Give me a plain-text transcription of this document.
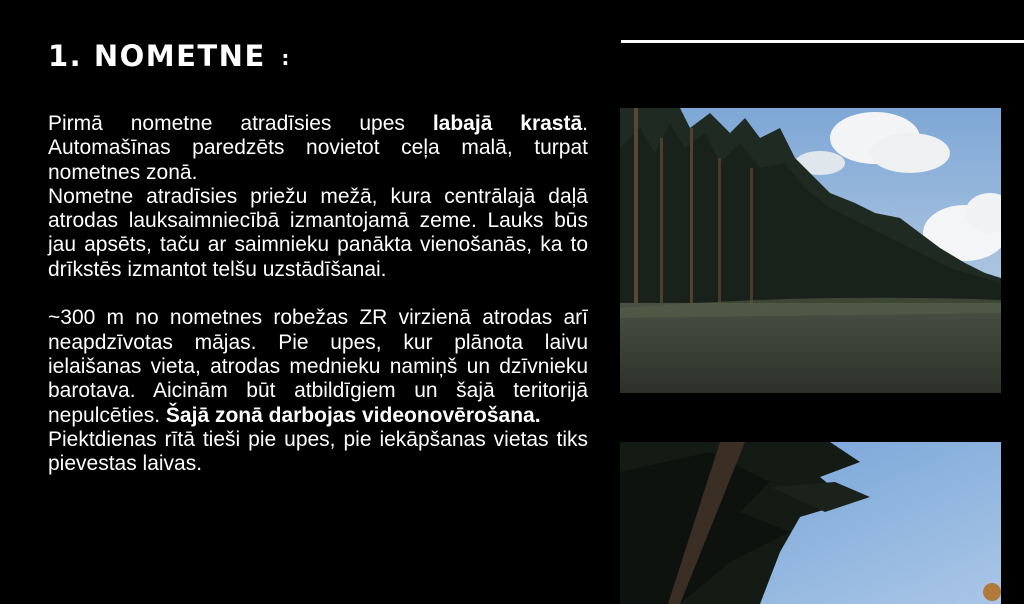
1. NOMETNE :

Pirmā nometne atradīsies upes labajā krastā. Automašīnas paredzēts novietot ceļa malā, turpat nometnes zonā.

Nometne atradīsies priežu mežā, kura centrālajā daļā atrodas lauksaimniecībā izmantojamā zeme. Lauks būs jau apsēts, taču ar saimnieku panākta vienošanās, ka to drīkstēs izmantot telšu uzstādīšanai.

~300 m no nometnes robežas ZR virzienā atrodas arī neapdzīvotas mājas. Pie upes, kur plānota laivu ielaišanas vieta, atrodas mednieku namiņš un dzīvnieku barotava. Aicinām būt atbildīgiem un šajā teritorijā nepulcēties. Šajā zonā darbojas videonovērošana.

Piektdienas rītā tieši pie upes, pie iekāpšanas vietas tiks pievestas laivas.
